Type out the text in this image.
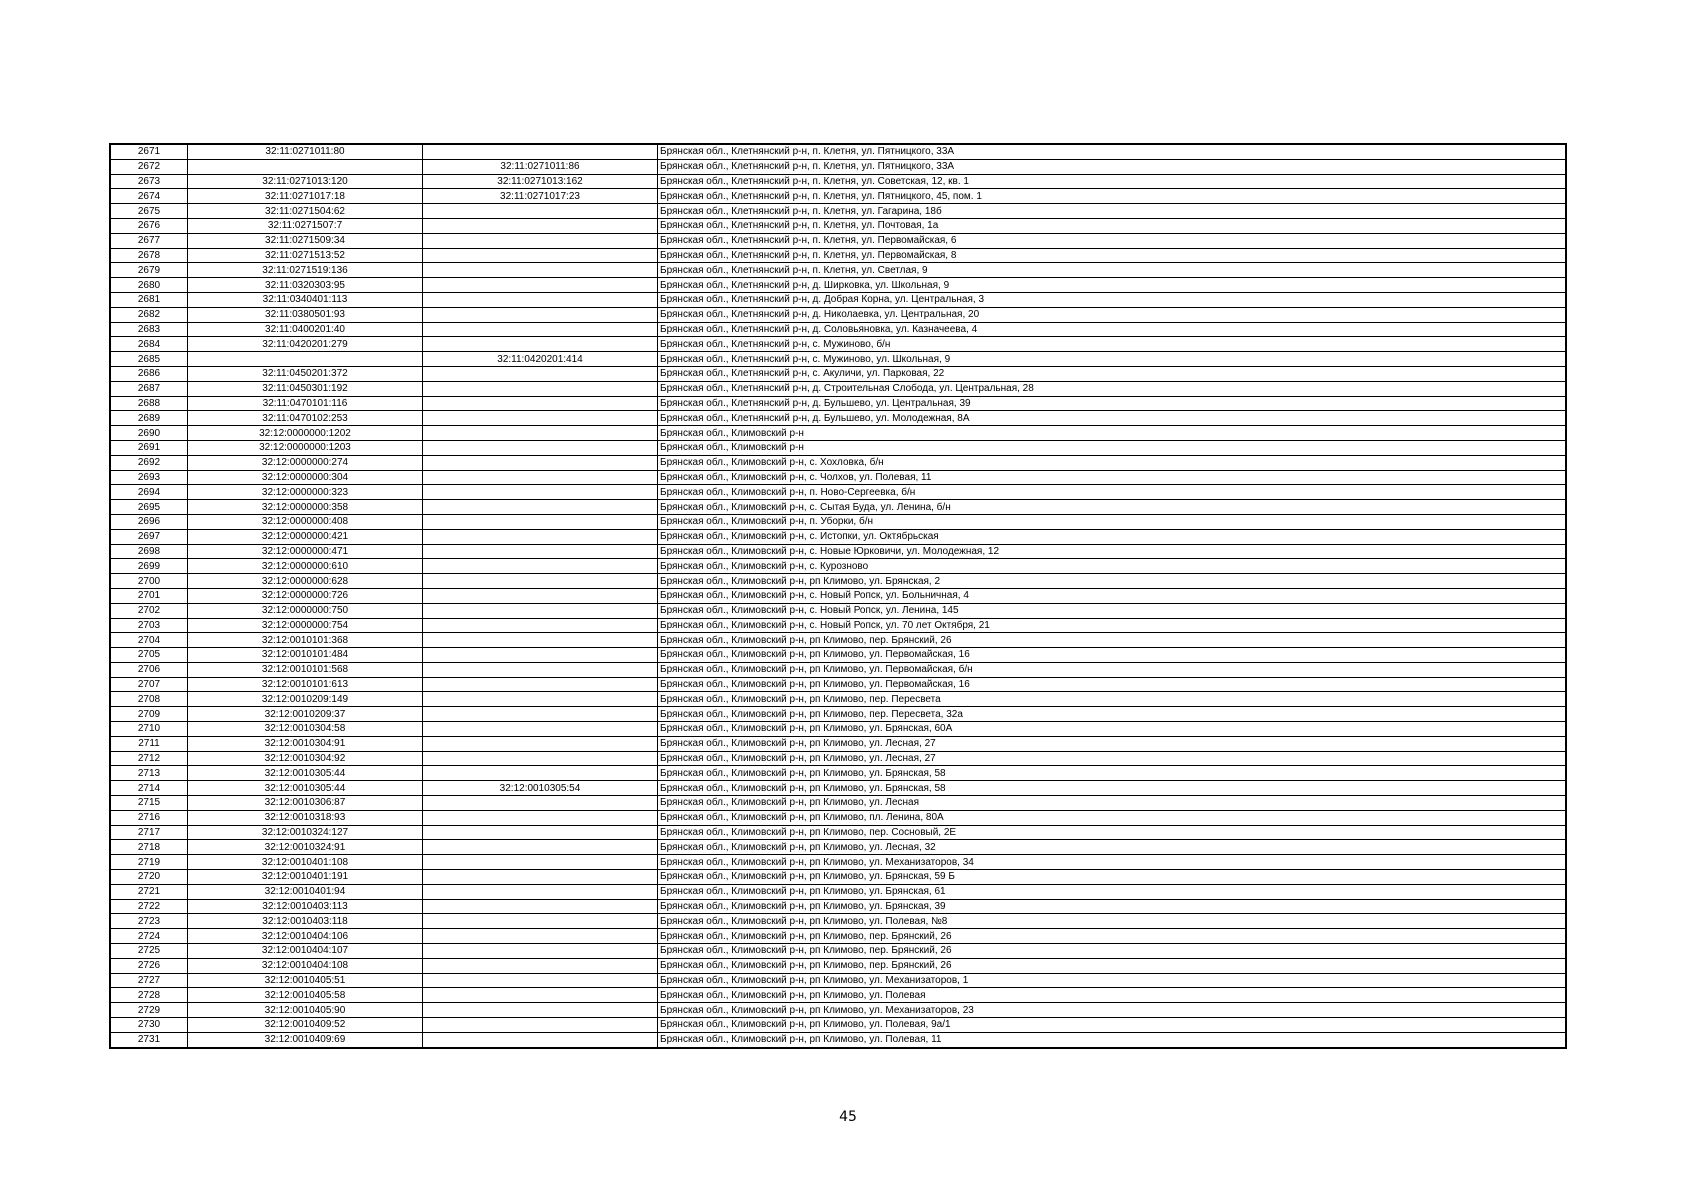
2671	32:11:0271011:80		Брянская обл., Клетнянский р-н, п. Клетня, ул. Пятницкого, 33А
2672		32:11:0271011:86	Брянская обл., Клетнянский р-н, п. Клетня, ул. Пятницкого, 33А
2673	32:11:0271013:120	32:11:0271013:162	Брянская обл., Клетнянский р-н, п. Клетня, ул. Советская, 12, кв. 1
2674	32:11:0271017:18	32:11:0271017:23	Брянская обл., Клетнянский р-н, п. Клетня, ул. Пятницкого, 45, пом. 1
2675	32:11:0271504:62		Брянская обл., Клетнянский р-н, п. Клетня, ул. Гагарина, 18б
2676	32:11:0271507:7		Брянская обл., Клетнянский р-н, п. Клетня, ул. Почтовая, 1а
2677	32:11:0271509:34		Брянская обл., Клетнянский р-н, п. Клетня, ул. Первомайская, 6
2678	32:11:0271513:52		Брянская обл., Клетнянский р-н, п. Клетня, ул. Первомайская, 8
2679	32:11:0271519:136		Брянская обл., Клетнянский р-н, п. Клетня, ул. Светлая, 9
2680	32:11:0320303:95		Брянская обл., Клетнянский р-н, д. Ширковка, ул. Школьная, 9
2681	32:11:0340401:113		Брянская обл., Клетнянский р-н, д. Добрая Корна, ул. Центральная, 3
2682	32:11:0380501:93		Брянская обл., Клетнянский р-н, д. Николаевка, ул. Центральная, 20
2683	32:11:0400201:40		Брянская обл., Клетнянский р-н, д. Соловьяновка, ул. Казначеева, 4
2684	32:11:0420201:279		Брянская обл., Клетнянский р-н, с. Мужиново, б/н
2685		32:11:0420201:414	Брянская обл., Клетнянский р-н, с. Мужиново, ул. Школьная, 9
2686	32:11:0450201:372		Брянская обл., Клетнянский р-н, с. Акуличи, ул. Парковая, 22
2687	32:11:0450301:192		Брянская обл., Клетнянский р-н, д. Строительная Слобода, ул. Центральная, 28
2688	32:11:0470101:116		Брянская обл., Клетнянский р-н, д. Бульшево, ул. Центральная, 39
2689	32:11:0470102:253		Брянская обл., Клетнянский р-н, д. Бульшево, ул. Молодежная, 8А
2690	32:12:0000000:1202		Брянская обл., Климовский р-н
2691	32:12:0000000:1203		Брянская обл., Климовский р-н
2692	32:12:0000000:274		Брянская обл., Климовский р-н, с. Хохловка, б/н
2693	32:12:0000000:304		Брянская обл., Климовский р-н, с. Чолхов, ул. Полевая, 11
2694	32:12:0000000:323		Брянская обл., Климовский р-н, п. Ново-Сергеевка, б/н
2695	32:12:0000000:358		Брянская обл., Климовский р-н, с. Сытая Буда, ул. Ленина, б/н
2696	32:12:0000000:408		Брянская обл., Климовский р-н, п. Уборки, б/н
2697	32:12:0000000:421		Брянская обл., Климовский р-н, с. Истопки, ул. Октябрьская
2698	32:12:0000000:471		Брянская обл., Климовский р-н, с. Новые Юрковичи, ул. Молодежная, 12
2699	32:12:0000000:610		Брянская обл., Климовский р-н, с. Курозново
2700	32:12:0000000:628		Брянская обл., Климовский р-н, рп Климово, ул. Брянская, 2
2701	32:12:0000000:726		Брянская обл., Климовский р-н, с. Новый Ропск, ул. Больничная, 4
2702	32:12:0000000:750		Брянская обл., Климовский р-н, с. Новый Ропск, ул. Ленина, 145
2703	32:12:0000000:754		Брянская обл., Климовский р-н, с. Новый Ропск, ул. 70 лет Октября, 21
2704	32:12:0010101:368		Брянская обл., Климовский р-н, рп Климово, пер. Брянский, 26
2705	32:12:0010101:484		Брянская обл., Климовский р-н, рп Климово, ул. Первомайская, 16
2706	32:12:0010101:568		Брянская обл., Климовский р-н, рп Климово, ул. Первомайская, б/н
2707	32:12:0010101:613		Брянская обл., Климовский р-н, рп Климово, ул. Первомайская, 16
2708	32:12:0010209:149		Брянская обл., Климовский р-н, рп Климово, пер. Пересвета
2709	32:12:0010209:37		Брянская обл., Климовский р-н, рп Климово, пер. Пересвета, 32а
2710	32:12:0010304:58		Брянская обл., Климовский р-н, рп Климово, ул. Брянская, 60А
2711	32:12:0010304:91		Брянская обл., Климовский р-н, рп Климово, ул. Лесная, 27
2712	32:12:0010304:92		Брянская обл., Климовский р-н, рп Климово, ул. Лесная, 27
2713	32:12:0010305:44		Брянская обл., Климовский р-н, рп Климово, ул. Брянская, 58
2714	32:12:0010305:44	32:12:0010305:54	Брянская обл., Климовский р-н, рп Климово, ул. Брянская, 58
2715	32:12:0010306:87		Брянская обл., Климовский р-н, рп Климово, ул. Лесная
2716	32:12:0010318:93		Брянская обл., Климовский р-н, рп Климово, пл. Ленина, 80А
2717	32:12:0010324:127		Брянская обл., Климовский р-н, рп Климово, пер. Сосновый, 2Е
2718	32:12:0010324:91		Брянская обл., Климовский р-н, рп Климово, ул. Лесная, 32
2719	32:12:0010401:108		Брянская обл., Климовский р-н, рп Климово, ул. Механизаторов, 34
2720	32:12:0010401:191		Брянская обл., Климовский р-н, рп Климово, ул. Брянская, 59 Б
2721	32:12:0010401:94		Брянская обл., Климовский р-н, рп Климово, ул. Брянская, 61
2722	32:12:0010403:113		Брянская обл., Климовский р-н, рп Климово, ул. Брянская, 39
2723	32:12:0010403:118		Брянская обл., Климовский р-н, рп Климово, ул. Полевая, №8
2724	32:12:0010404:106		Брянская обл., Климовский р-н, рп Климово, пер. Брянский, 26
2725	32:12:0010404:107		Брянская обл., Климовский р-н, рп Климово, пер. Брянский, 26
2726	32:12:0010404:108		Брянская обл., Климовский р-н, рп Климово, пер. Брянский, 26
2727	32:12:0010405:51		Брянская обл., Климовский р-н, рп Климово, ул. Механизаторов, 1
2728	32:12:0010405:58		Брянская обл., Климовский р-н, рп Климово, ул. Полевая
2729	32:12:0010405:90		Брянская обл., Климовский р-н, рп Климово, ул. Механизаторов, 23
2730	32:12:0010409:52		Брянская обл., Климовский р-н, рп Климово, ул. Полевая, 9а/1
2731	32:12:0010409:69		Брянская обл., Климовский р-н, рп Климово, ул. Полевая, 11
45
